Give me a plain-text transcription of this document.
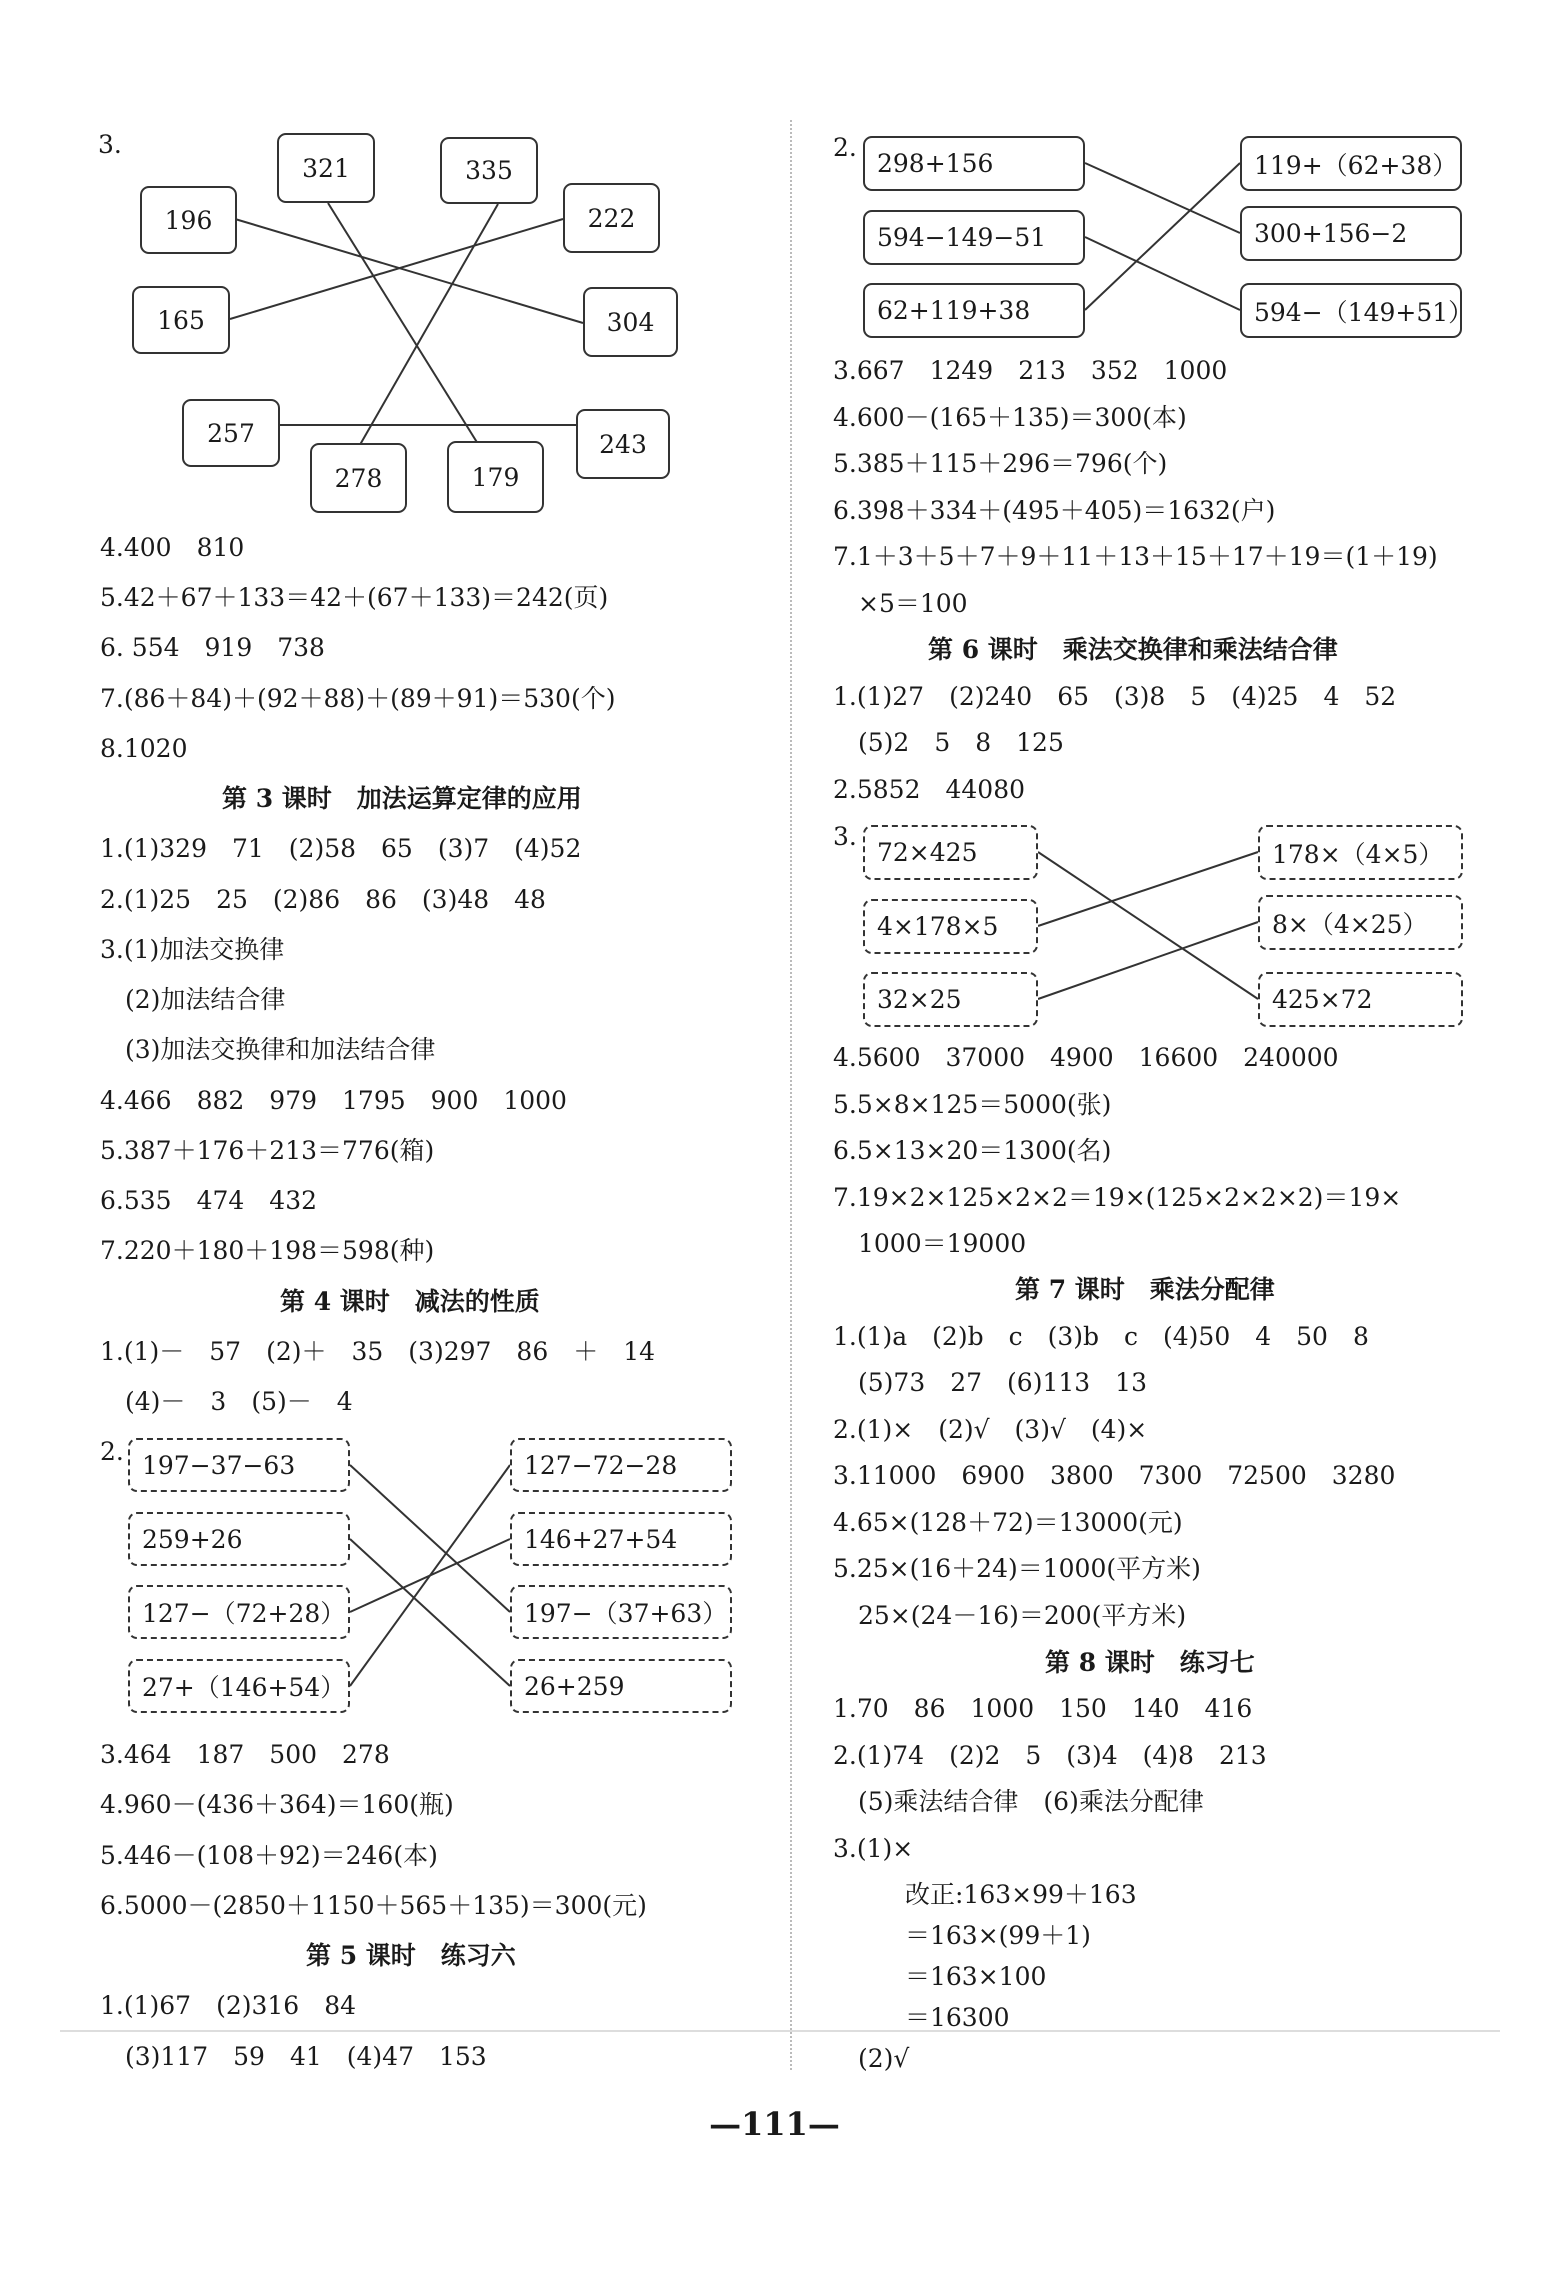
3.
321	335
196	222
165	304
257	243
278	179
4.400　810
5.42＋67＋133＝42＋(67＋133)＝242(页)
6. 554　919　738
7.(86＋84)＋(92＋88)＋(89＋91)＝530(个)
8.1020
第 3 课时　加法运算定律的应用
1.(1)329　71　(2)58　65　(3)7　(4)52
2.(1)25　25　(2)86　86　(3)48　48
3.(1)加法交换律
　(2)加法结合律
　(3)加法交换律和加法结合律
4.466　882　979　1795　900　1000
5.387＋176＋213＝776(箱)
6.535　474　432
7.220＋180＋198＝598(种)
第 4 课时　减法的性质
1.(1)－　57　(2)＋　35　(3)297　86　＋　14
　(4)－　3　(5)－　4
2. 197−37−63
259+26
127−（72+28）
27+（146+54）
127−72−28
146+27+54
197−（37+63）
26+259
3.464　187　500　278
4.960－(436＋364)＝160(瓶)
5.446－(108＋92)＝246(本)
6.5000－(2850＋1150＋565＋135)＝300(元)
第 5 课时　练习六
1.(1)67　(2)316　84
　(3)117　59　41　(4)47　153
2.
298+156
594−149−51
62+119+38
119+（62+38）
300+156−2
594−（149+51）
3.667　1249　213　352　1000
4.600－(165＋135)＝300(本)
5.385＋115＋296＝796(个)
6.398＋334＋(495＋405)＝1632(户)
7.1＋3＋5＋7＋9＋11＋13＋15＋17＋19＝(1＋19)
　×5＝100
第 6 课时　乘法交换律和乘法结合律
1.(1)27　(2)240　65　(3)8　5　(4)25　4　52
　(5)2　5　8　125
2.5852　44080
3.
72×425
4×178×5
32×25
178×（4×5）
8×（4×25）
425×72
4.5600　37000　4900　16600　240000
5.5×8×125＝5000(张)
6.5×13×20＝1300(名)
7.19×2×125×2×2＝19×(125×2×2×2)＝19×
　1000＝19000
第 7 课时　乘法分配律
1.(1)a　(2)b　c　(3)b　c　(4)50　4　50　8
　(5)73　27　(6)113　13
2.(1)×　(2)√　(3)√　(4)×
3.11000　6900　3800　7300　72500　3280
4.65×(128＋72)＝13000(元)
5.25×(16＋24)＝1000(平方米)
　25×(24－16)＝200(平方米)
第 8 课时　练习七
1.70　86　1000　150　140　416
2.(1)74　(2)2　5　(3)4　(4)8　213
　(5)乘法结合律　(6)乘法分配律
3.(1)×
改正:163×99＋163
＝163×(99＋1)
＝163×100
＝16300
(2)√
—111—
